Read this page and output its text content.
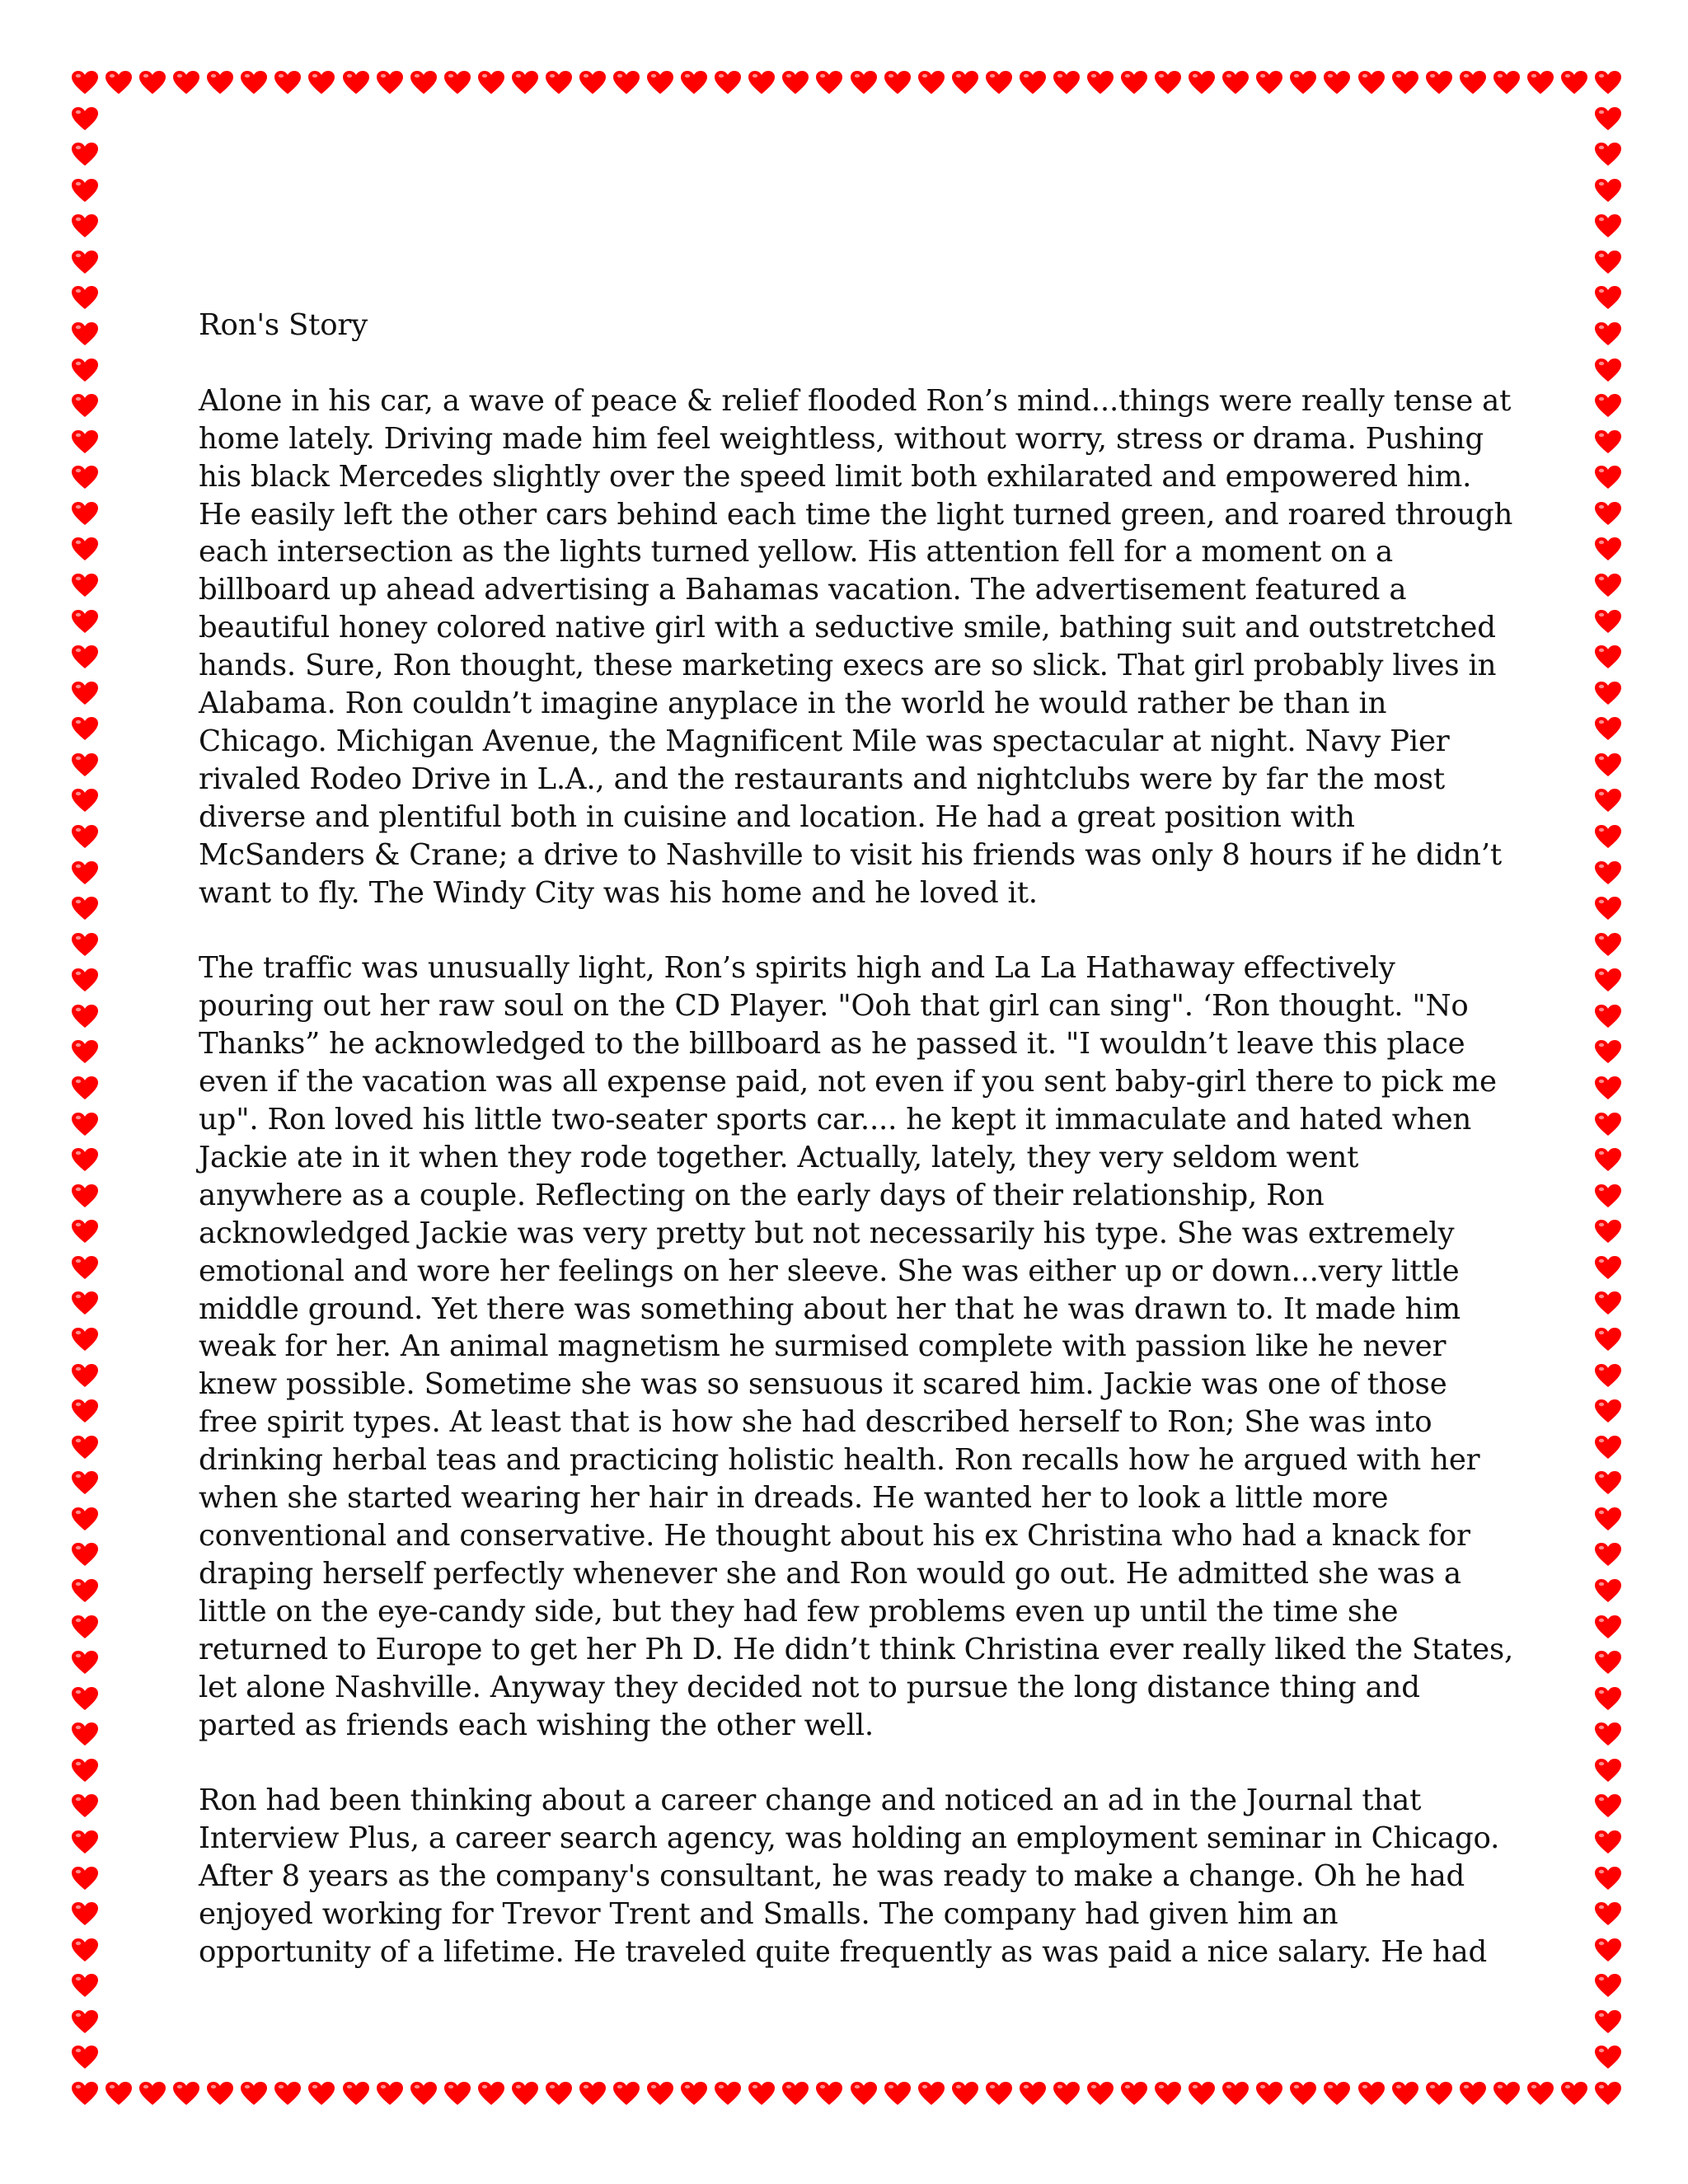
Ron's Story
Alone in his car, a wave of peace & relief flooded Ron’s mind...things were really tense at
home lately. Driving made him feel weightless, without worry, stress or drama. Pushing
his black Mercedes slightly over the speed limit both exhilarated and empowered him.
He easily left the other cars behind each time the light turned green, and roared through
each intersection as the lights turned yellow. His attention fell for a moment on a
billboard up ahead advertising a Bahamas vacation. The advertisement featured a
beautiful honey colored native girl with a seductive smile, bathing suit and outstretched
hands. Sure, Ron thought, these marketing execs are so slick. That girl probably lives in
Alabama. Ron couldn’t imagine anyplace in the world he would rather be than in
Chicago. Michigan Avenue, the Magnificent Mile was spectacular at night. Navy Pier
rivaled Rodeo Drive in L.A., and the restaurants and nightclubs were by far the most
diverse and plentiful both in cuisine and location. He had a great position with
McSanders & Crane; a drive to Nashville to visit his friends was only 8 hours if he didn’t
want to fly. The Windy City was his home and he loved it.
The traffic was unusually light, Ron’s spirits high and La La Hathaway effectively
pouring out her raw soul on the CD Player. "Ooh that girl can sing". ‘Ron thought. "No
Thanks” he acknowledged to the billboard as he passed it. "I wouldn’t leave this place
even if the vacation was all expense paid, not even if you sent baby-girl there to pick me
up". Ron loved his little two-seater sports car.... he kept it immaculate and hated when
Jackie ate in it when they rode together. Actually, lately, they very seldom went
anywhere as a couple. Reflecting on the early days of their relationship, Ron
acknowledged Jackie was very pretty but not necessarily his type. She was extremely
emotional and wore her feelings on her sleeve. She was either up or down...very little
middle ground. Yet there was something about her that he was drawn to. It made him
weak for her. An animal magnetism he surmised complete with passion like he never
knew possible. Sometime she was so sensuous it scared him. Jackie was one of those
free spirit types. At least that is how she had described herself to Ron; She was into
drinking herbal teas and practicing holistic health. Ron recalls how he argued with her
when she started wearing her hair in dreads. He wanted her to look a little more
conventional and conservative. He thought about his ex Christina who had a knack for
draping herself perfectly whenever she and Ron would go out. He admitted she was a
little on the eye-candy side, but they had few problems even up until the time she
returned to Europe to get her Ph D. He didn’t think Christina ever really liked the States,
let alone Nashville. Anyway they decided not to pursue the long distance thing and
parted as friends each wishing the other well.
Ron had been thinking about a career change and noticed an ad in the Journal that
Interview Plus, a career search agency, was holding an employment seminar in Chicago.
After 8 years as the company's consultant, he was ready to make a change. Oh he had
enjoyed working for Trevor Trent and Smalls. The company had given him an
opportunity of a lifetime. He traveled quite frequently as was paid a nice salary. He had
